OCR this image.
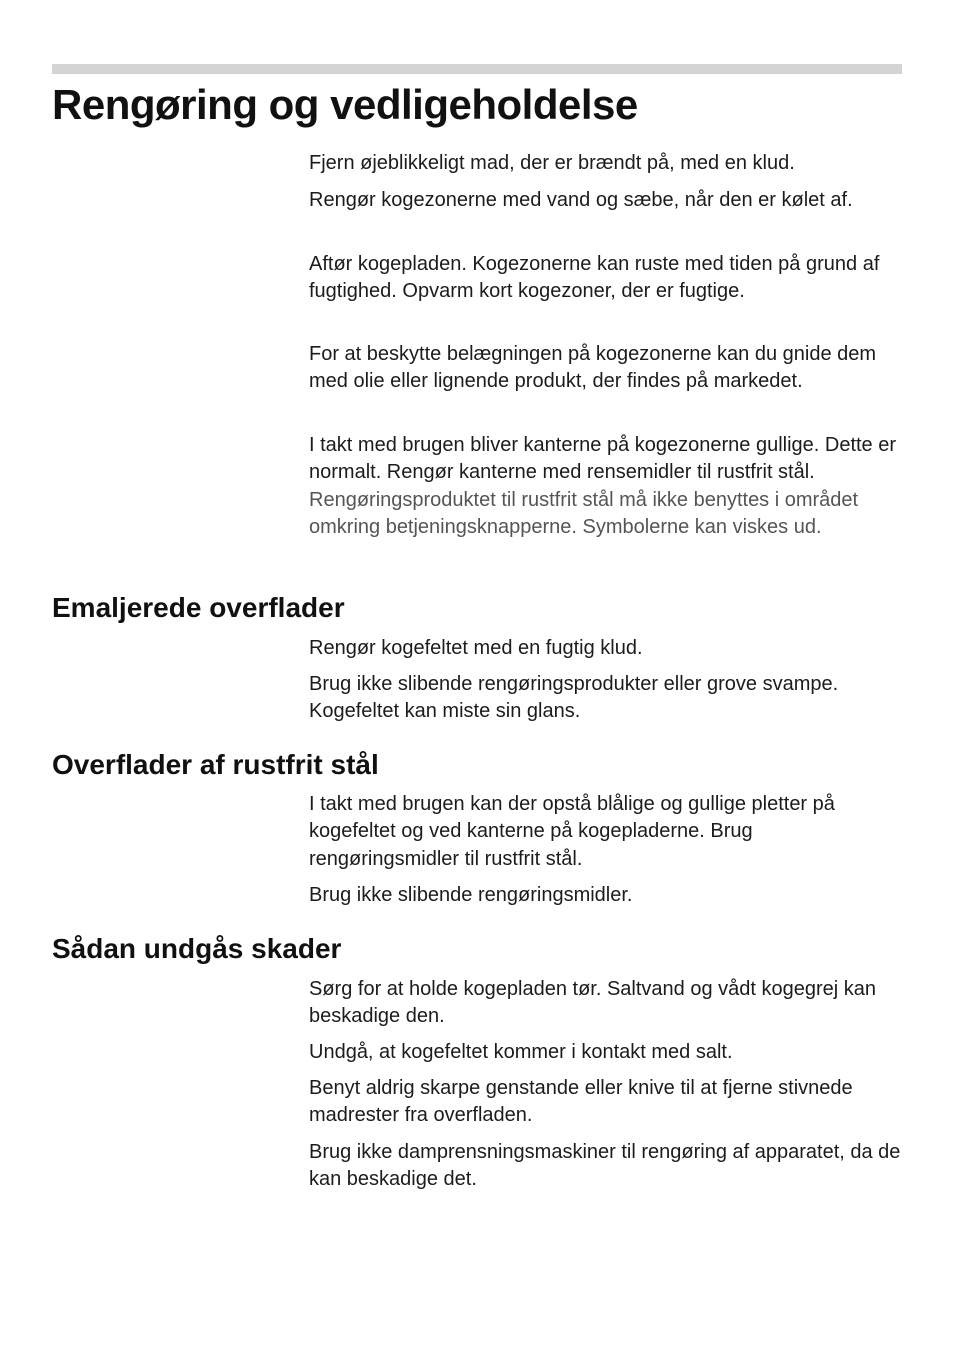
Rengøring og vedligeholdelse

Fjern øjeblikkeligt mad, der er brændt på, med en klud.

Rengør kogezonerne med vand og sæbe, når den er kølet af.

Aftør kogepladen. Kogezonerne kan ruste med tiden på grund af fugtighed. Opvarm kort kogezoner, der er fugtige.

For at beskytte belægningen på kogezonerne kan du gnide dem med olie eller lignende produkt, der findes på markedet.

I takt med brugen bliver kanterne på kogezonerne gullige. Dette er normalt. Rengør kanterne med rensemidler til rustfrit stål. Rengøringsproduktet til rustfrit stål må ikke benyttes i området omkring betjeningsknapperne. Symbolerne kan viskes ud.

Emaljerede overflader

Rengør kogefeltet med en fugtig klud.

Brug ikke slibende rengøringsprodukter eller grove svampe. Kogefeltet kan miste sin glans.

Overflader af rustfrit stål

I takt med brugen kan der opstå blålige og gullige pletter på kogefeltet og ved kanterne på kogepladerne. Brug rengøringsmidler til rustfrit stål.

Brug ikke slibende rengøringsmidler.

Sådan undgås skader

Sørg for at holde kogepladen tør. Saltvand og vådt kogegrej kan beskadige den.

Undgå, at kogefeltet kommer i kontakt med salt.

Benyt aldrig skarpe genstande eller knive til at fjerne stivnede madrester fra overfladen.

Brug ikke damprensningsmaskiner til rengøring af apparatet, da de kan beskadige det.
